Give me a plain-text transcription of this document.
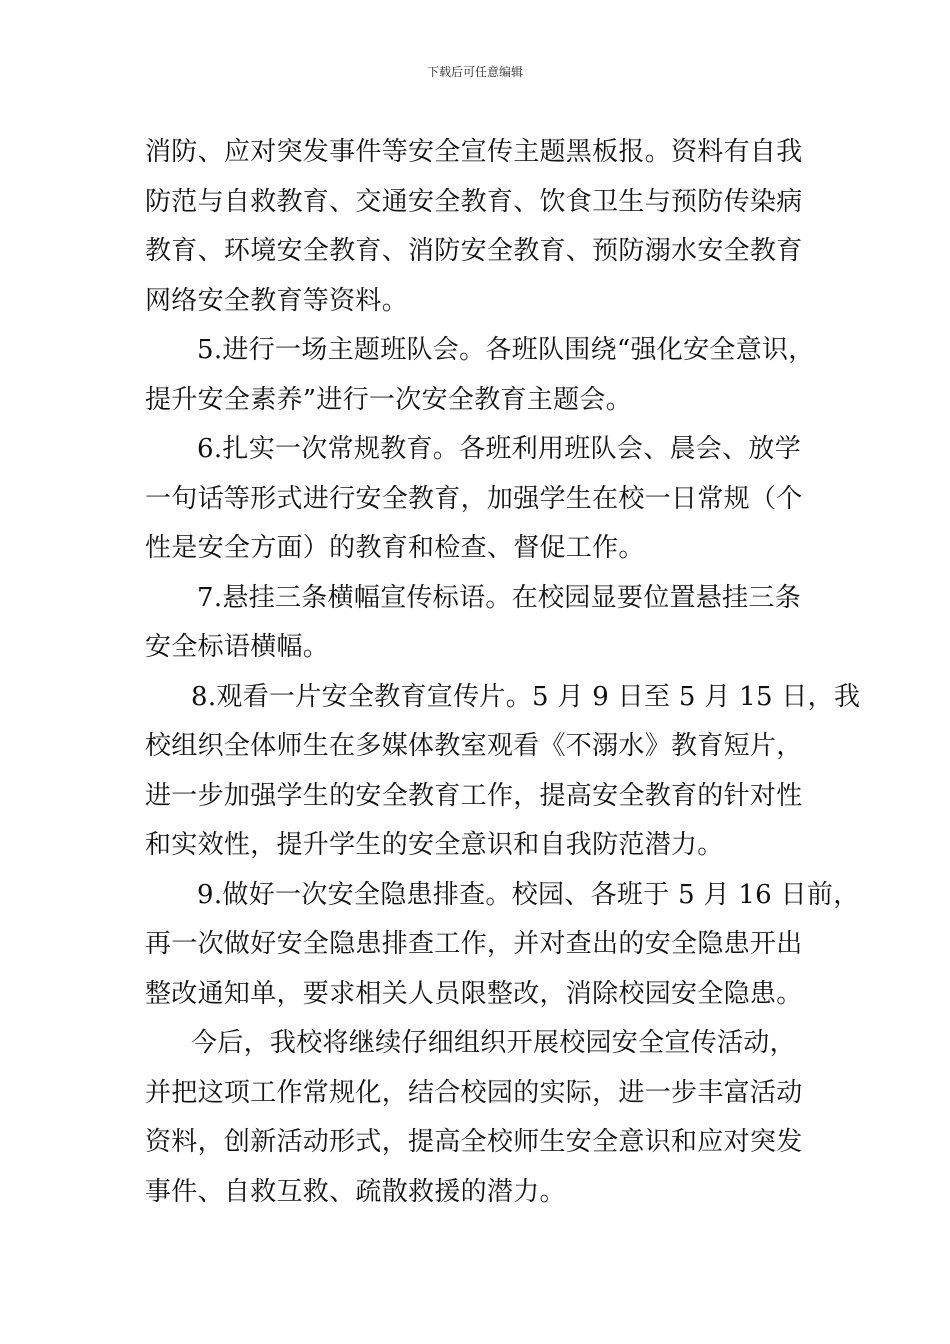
下载后可任意编辑
消防、应对突发事件等安全宣传主题黑板报。资料有自我
防范与自救教育、交通安全教育、饮食卫生与预防传染病
教育、环境安全教育、消防安全教育、预防溺水安全教育
网络安全教育等资料。
5.进行一场主题班队会。各班队围绕“强化安全意识，
提升安全素养”进行一次安全教育主题会。
6.扎实一次常规教育。各班利用班队会、晨会、放学
一句话等形式进行安全教育，加强学生在校一日常规（个
性是安全方面）的教育和检查、督促工作。
7.悬挂三条横幅宣传标语。在校园显要位置悬挂三条
安全标语横幅。
8.观看一片安全教育宣传片。5 月 9 日至 5 月 15 日，我
校组织全体师生在多媒体教室观看《不溺水》教育短片，
进一步加强学生的安全教育工作，提高安全教育的针对性
和实效性，提升学生的安全意识和自我防范潜力。
9.做好一次安全隐患排查。校园、各班于 5 月 16 日前，
再一次做好安全隐患排查工作，并对查出的安全隐患开出
整改通知单，要求相关人员限整改，消除校园安全隐患。
今后，我校将继续仔细组织开展校园安全宣传活动，
并把这项工作常规化，结合校园的实际，进一步丰富活动
资料，创新活动形式，提高全校师生安全意识和应对突发
事件、自救互救、疏散救援的潜力。
